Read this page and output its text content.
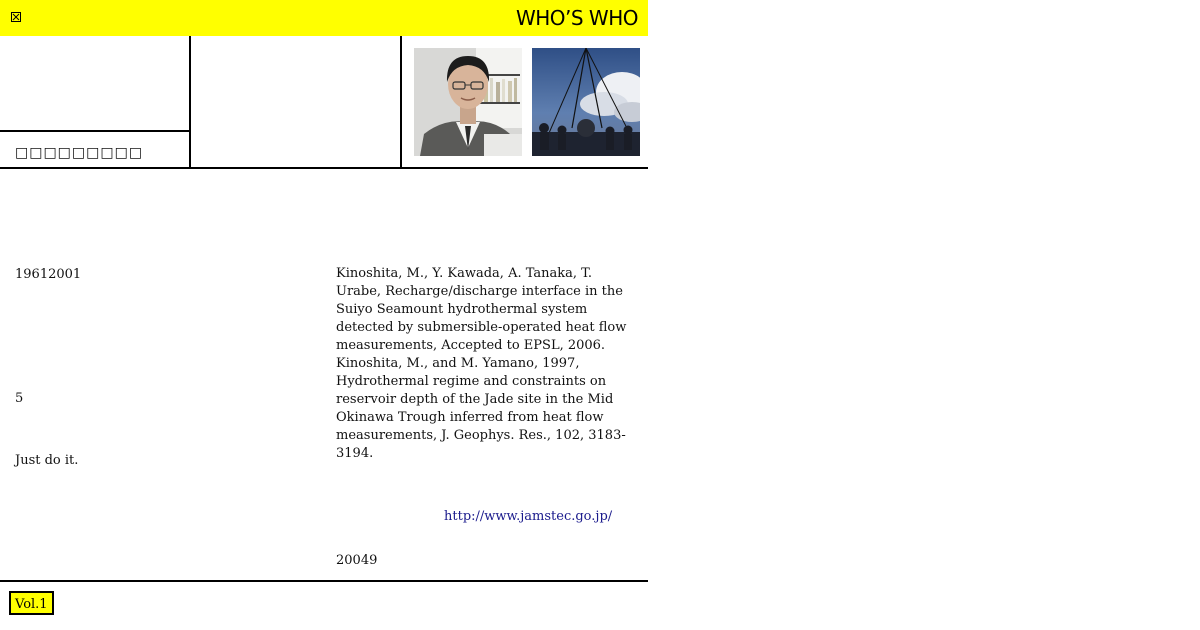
WHO’S WHO
□□□□□□□□□
19612001
5
Just do it.

Kinoshita, M., Y. Kawada, A. Tanaka, T. Urabe, Recharge/discharge interface in the Suiyo Seamount hydrothermal system detected by submersible-operated heat flow measurements, Accepted to EPSL, 2006.

Kinoshita, M., and M. Yamano, 1997, Hydrothermal regime and constraints on reservoir depth of the Jade site in the Mid Okinawa Trough inferred from heat flow measurements, J. Geophys. Res., 102, 3183-3194.

http://www.jamstec.go.jp/
20049
Vol.1
